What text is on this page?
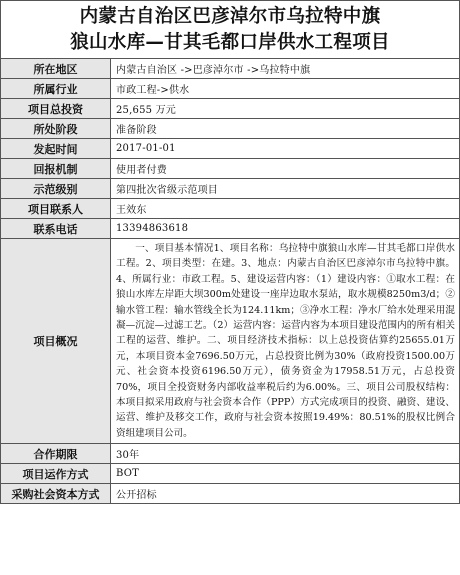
内蒙古自治区巴彦淖尔市乌拉特中旗
狼山水库—甘其毛都口岸供水工程项目
所在地区	内蒙古自治区 ->巴彦淖尔市 ->乌拉特中旗
所属行业	市政工程->供水
项目总投资	25,655 万元
所处阶段	准备阶段
发起时间	2017-01-01
回报机制	使用者付费
示范级别	第四批次省级示范项目
项目联系人	王效东
联系电话	13394863618
项目概况	一、项目基本情况1、项目名称：乌拉特中旗狼山水库—甘其毛都口岸供水工程。2、项目类型：在建。3、地点：内蒙古自治区巴彦淖尔市乌拉特中旗。4、所属行业：市政工程。5、建设运营内容：（1）建设内容：①取水工程：在狼山水库左岸距大坝300m处建设一座岸边取水泵站，取水规模8250m3/d；②输水管工程：输水管线全长为124.11km；③净水工程：净水厂给水处理采用混凝—沉淀—过滤工艺。（2）运营内容：运营内容为本项目建设范围内的所有相关工程的运营、维护。二、项目经济技术指标：以上总投资估算约25655.01万元，本项目资本金7696.50万元，占总投资比例为30%（政府投资1500.00万元、社会资本投资6196.50万元），债务资金为17958.51万元，占总投资70%，项目全投资财务内部收益率税后约为6.00%。三、项目公司股权结构：本项目拟采用政府与社会资本合作（PPP）方式完成项目的投资、融资、建设、运营、维护及移交工作，政府与社会资本按照19.49%：80.51%的股权比例合资组建项目公司。

合作期限	30年
项目运作方式	BOT
采购社会资本方式	公开招标
